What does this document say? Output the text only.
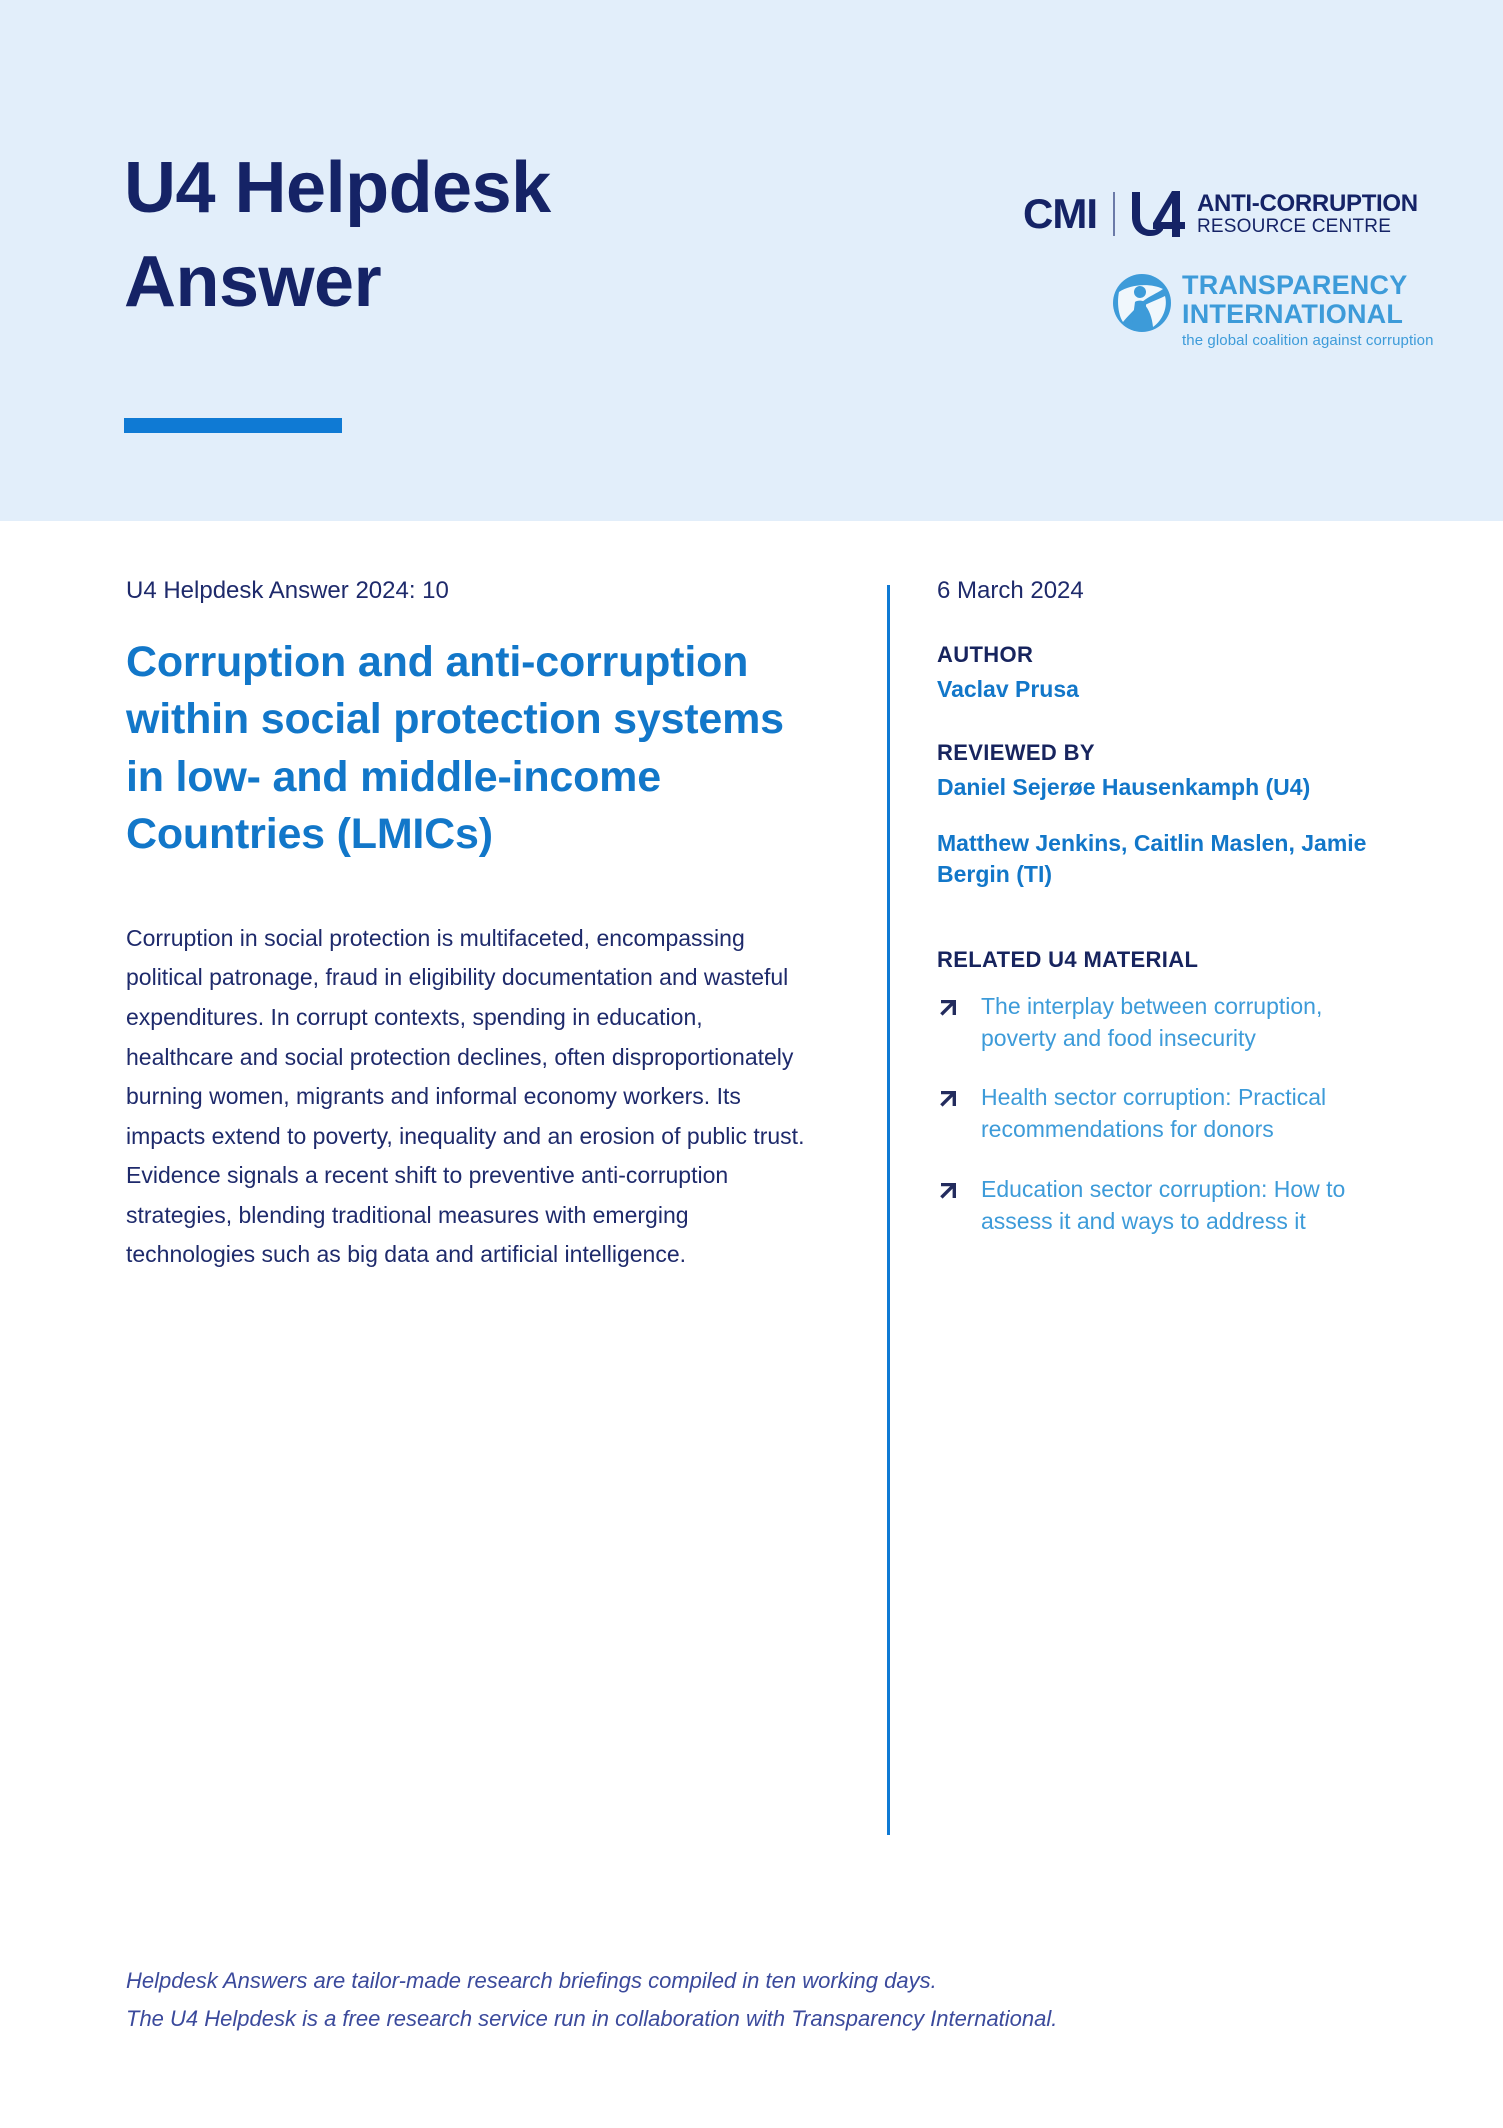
U4 Helpdesk
Answer
CMI	ANTI-CORRUPTION
RESOURCE CENTRE
TRANSPARENCY
INTERNATIONAL
the global coalition against corruption
U4 Helpdesk Answer 2024: 10
Corruption and anti-corruption within social protection systems in low- and middle-income Countries (LMICs)

Corruption in social protection is multifaceted, encompassing political patronage, fraud in eligibility documentation and wasteful expenditures. In corrupt contexts, spending in education, healthcare and social protection declines, often disproportionately burning women, migrants and informal economy workers. Its impacts extend to poverty, inequality and an erosion of public trust. Evidence signals a recent shift to preventive anti-corruption strategies, blending traditional measures with emerging technologies such as big data and artificial intelligence.

6 March 2024
AUTHOR
Vaclav Prusa
REVIEWED BY
Daniel Sejerøe Hausenkamph (U4)
Matthew Jenkins, Caitlin Maslen, Jamie Bergin (TI)
RELATED U4 MATERIAL
The interplay between corruption, poverty and food insecurity
Health sector corruption: Practical recommendations for donors
Education sector corruption: How to assess it and ways to address it
Helpdesk Answers are tailor-made research briefings compiled in ten working days.
The U4 Helpdesk is a free research service run in collaboration with Transparency International.
